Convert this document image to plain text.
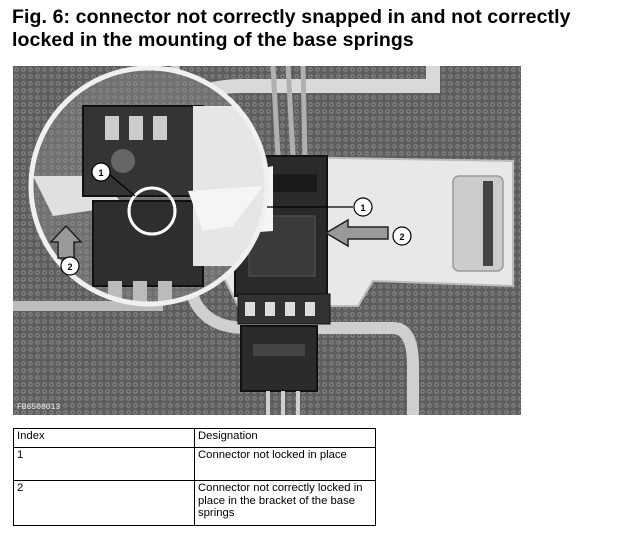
Fig. 6: connector not correctly snapped in and not correctly locked in the mounting of the base springs
1
2
1
2
FB6508013
Index	Designation
1	Connector not locked in place
2	Connector not correctly locked in place in the bracket of the base springs
